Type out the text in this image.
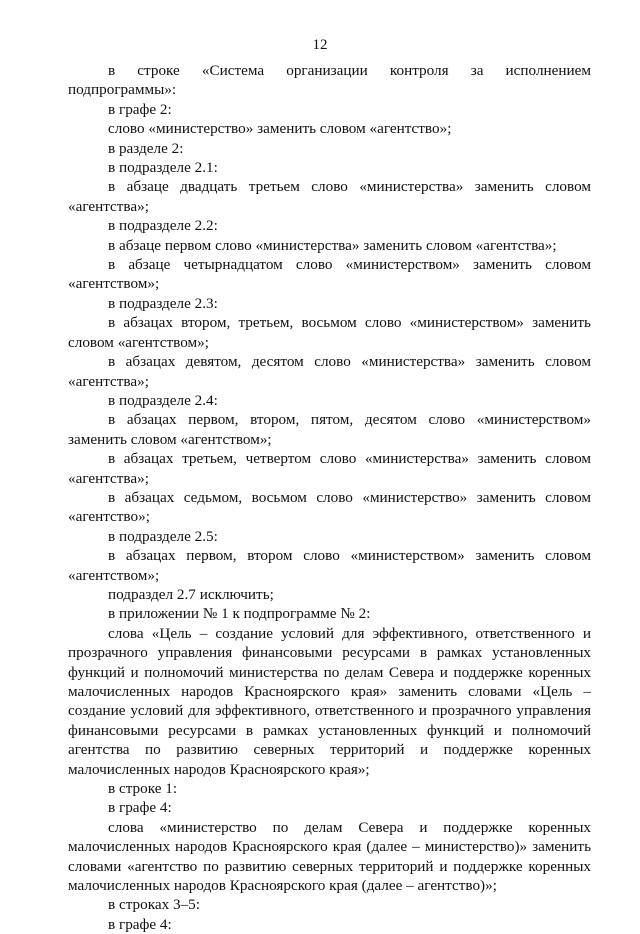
12

в строке «Система организации контроля за исполнением подпрограммы»:

в графе 2:

слово «министерство» заменить словом «агентство»;

в разделе 2:

в подразделе 2.1:

в абзаце двадцать третьем слово «министерства» заменить словом «агентства»;

в подразделе 2.2:

в абзаце первом слово «министерства» заменить словом «агентства»;

в абзаце четырнадцатом слово «министерством» заменить словом «агентством»;

в подразделе 2.3:

в абзацах втором, третьем, восьмом слово «министерством» заменить словом «агентством»;

в абзацах девятом, десятом слово «министерства» заменить словом «агентства»;

в подразделе 2.4:

в абзацах первом, втором, пятом, десятом слово «министерством» заменить словом «агентством»;

в абзацах третьем, четвертом слово «министерства» заменить словом «агентства»;

в абзацах седьмом, восьмом слово «министерство» заменить словом «агентство»;

в подразделе 2.5:

в абзацах первом, втором слово «министерством» заменить словом «агентством»;

подраздел 2.7 исключить;

в приложении № 1 к подпрограмме № 2:

слова «Цель – создание условий для эффективного, ответственного и прозрачного управления финансовыми ресурсами в рамках установленных функций и полномочий министерства по делам Севера и поддержке коренных малочисленных народов Красноярского края» заменить словами «Цель – создание условий для эффективного, ответственного и прозрачного управления финансовыми ресурсами в рамках установленных функций и полномочий агентства по развитию северных территорий и поддержке коренных малочисленных народов Красноярского края»;

в строке 1:

в графе 4:

слова «министерство по делам Севера и поддержке коренных малочисленных народов Красноярского края (далее – министерство)» заменить словами «агентство по развитию северных территорий и поддержке коренных малочисленных народов Красноярского края (далее – агентство)»;

в строках 3–5:

в графе 4:
